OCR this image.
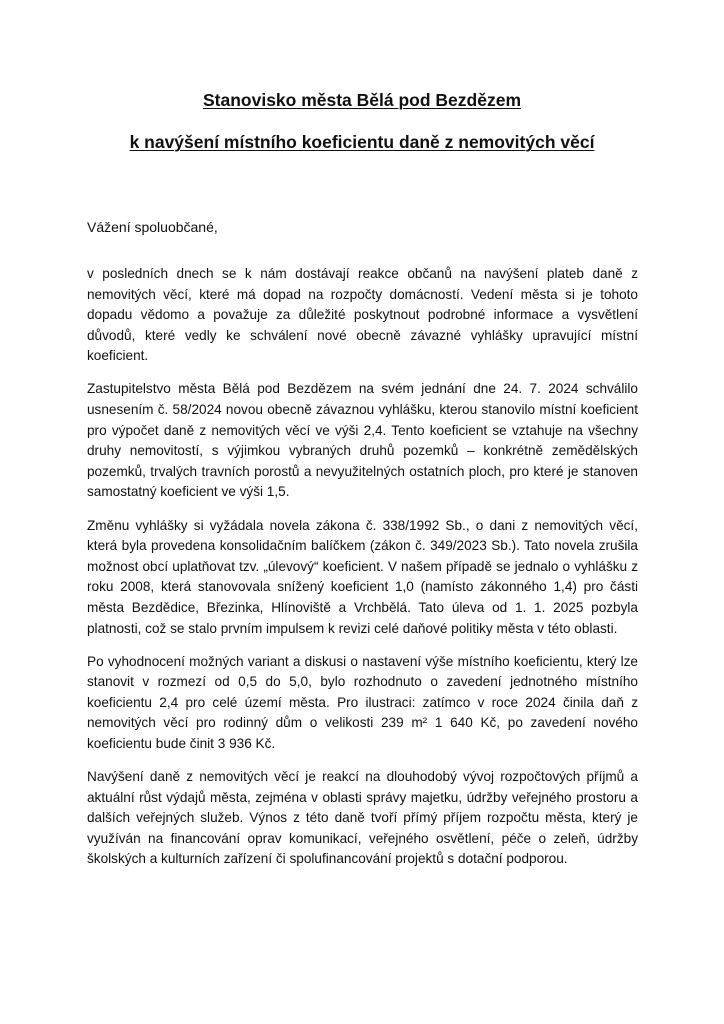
Stanovisko města Bělá pod Bezdězem
k navýšení místního koeficientu daně z nemovitých věcí

Vážení spoluobčané,

v posledních dnech se k nám dostávají reakce občanů na navýšení plateb daně z nemovitých věcí, které má dopad na rozpočty domácností. Vedení města si je tohoto dopadu vědomo a považuje za důležité poskytnout podrobné informace a vysvětlení důvodů, které vedly ke schválení nové obecně závazné vyhlášky upravující místní koeficient.

Zastupitelstvo města Bělá pod Bezdězem na svém jednání dne 24. 7. 2024 schválilo usnesením č. 58/2024 novou obecně závaznou vyhlášku, kterou stanovilo místní koeficient pro výpočet daně z nemovitých věcí ve výši 2,4. Tento koeficient se vztahuje na všechny druhy nemovitostí, s výjimkou vybraných druhů pozemků – konkrétně zemědělských pozemků, trvalých travních porostů a nevyužitelných ostatních ploch, pro které je stanoven samostatný koeficient ve výši 1,5.

Změnu vyhlášky si vyžádala novela zákona č. 338/1992 Sb., o dani z nemovitých věcí, která byla provedena konsolidačním balíčkem (zákon č. 349/2023 Sb.). Tato novela zrušila možnost obcí uplatňovat tzv. „úlevový“ koeficient. V našem případě se jednalo o vyhlášku z roku 2008, která stanovovala snížený koeficient 1,0 (namísto zákonného 1,4) pro části města Bezdědice, Březinka, Hlínoviště a Vrchbělá. Tato úleva od 1. 1. 2025 pozbyla platnosti, což se stalo prvním impulsem k revizi celé daňové politiky města v této oblasti.

Po vyhodnocení možných variant a diskusi o nastavení výše místního koeficientu, který lze stanovit v rozmezí od 0,5 do 5,0, bylo rozhodnuto o zavedení jednotného místního koeficientu 2,4 pro celé území města. Pro ilustraci: zatímco v roce 2024 činila daň z nemovitých věcí pro rodinný dům o velikosti 239 m² 1 640 Kč, po zavedení nového koeficientu bude činit 3 936 Kč.

Navýšení daně z nemovitých věcí je reakcí na dlouhodobý vývoj rozpočtových příjmů a aktuální růst výdajů města, zejména v oblasti správy majetku, údržby veřejného prostoru a dalších veřejných služeb. Výnos z této daně tvoří přímý příjem rozpočtu města, který je využíván na financování oprav komunikací, veřejného osvětlení, péče o zeleň, údržby školských a kulturních zařízení či spolufinancování projektů s dotační podporou.
